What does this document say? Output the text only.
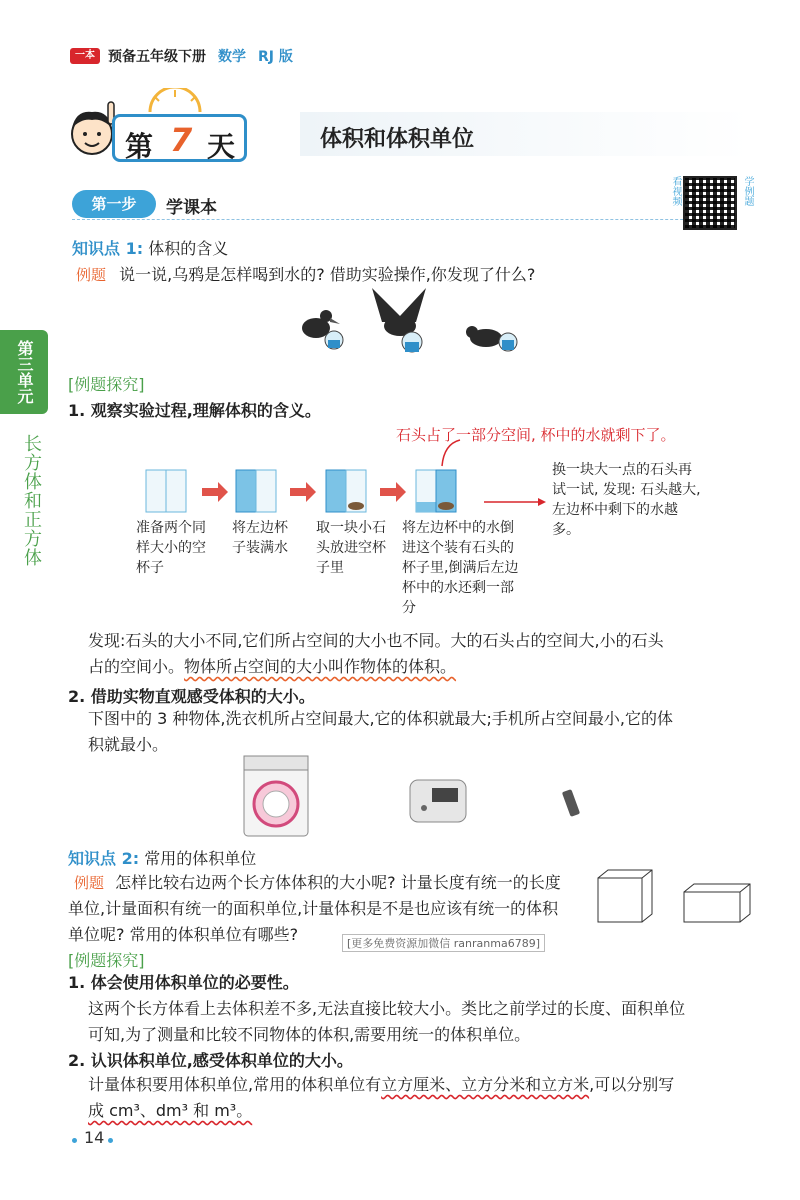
一本 预备五年级下册 数学 RJ 版
第 7 天	体积和体积单位
第一步	学课本
看视频	学例题
第三单元
长方体和正方体
知识点 1: 体积的含义
例题 说一说,乌鸦是怎样喝到水的? 借助实验操作,你发现了什么?
[例题探究]
1. 观察实验过程,理解体积的含义。
石头占了一部分空间, 杯中的水就剩下了。
准备两个同样大小的空杯子
将左边杯子装满水
取一块小石头放进空杯子里
将左边杯中的水倒进这个装有石头的杯子里,倒满后左边杯中的水还剩一部分
换一块大一点的石头再试一试, 发现: 石头越大, 左边杯中剩下的水越多。
发现:石头的大小不同,它们所占空间的大小也不同。大的石头占的空间大,小的石头
占的空间小。物体所占空间的大小叫作物体的体积。
2. 借助实物直观感受体积的大小。
下图中的 3 种物体,洗衣机所占空间最大,它的体积就最大;手机所占空间最小,它的体
积就最小。
知识点 2: 常用的体积单位
例题 怎样比较右边两个长方体体积的大小呢? 计量长度有统一的长度
单位,计量面积有统一的面积单位,计量体积是不是也应该有统一的体积
单位呢? 常用的体积单位有哪些?	[更多免费资源加微信 ranranma6789]
[例题探究]
1. 体会使用体积单位的必要性。
这两个长方体看上去体积差不多,无法直接比较大小。类比之前学过的长度、面积单位
可知,为了测量和比较不同物体的体积,需要用统一的体积单位。
2. 认识体积单位,感受体积单位的大小。
计量体积要用体积单位,常用的体积单位有立方厘米、立方分米和立方米,可以分别写
成 cm³、dm³ 和 m³。
14
